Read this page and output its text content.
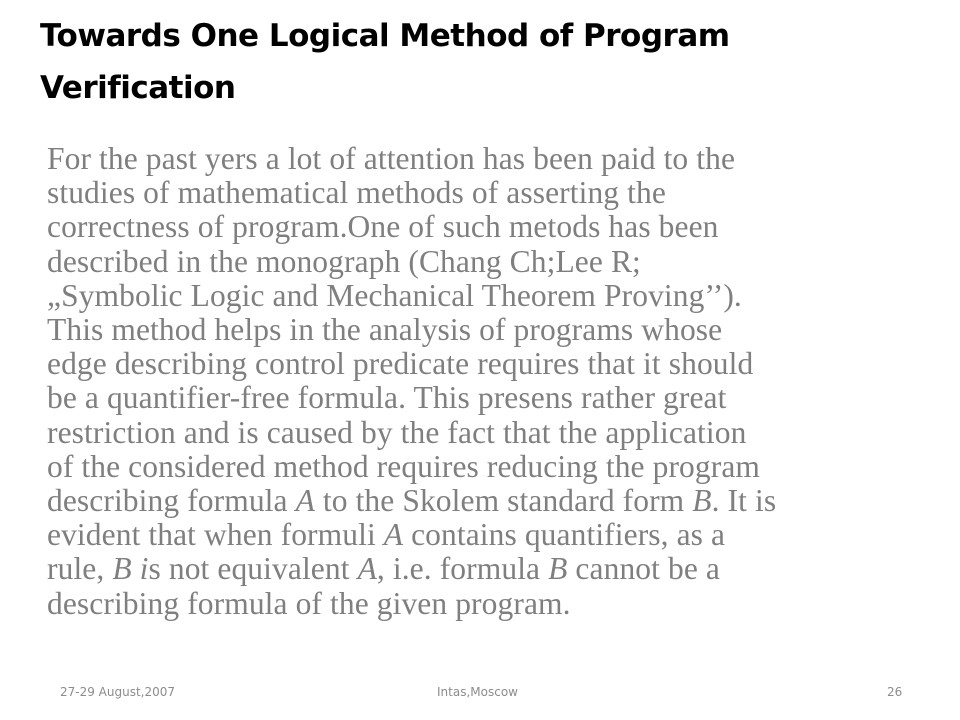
Towards One Logical Method of Program
Verification
For the past yers a lot of attention has been paid to the
studies of mathematical methods of asserting the
correctness of program.One of such metods has been
described in the monograph (Chang Ch;Lee R;
„Symbolic Logic and Mechanical Theorem Proving’’).
This method helps in the analysis of programs whose
edge describing control predicate requires that it should
be a quantifier-free formula. This presens rather great
restriction and is caused by the fact that the application
of the considered method requires reducing the program
describing formula A to the Skolem standard form B. It is
evident that when formuli A contains quantifiers, as a
rule, B is not equivalent A, i.e. formula B cannot be a
describing formula of the given program.
27-29 August,2007	Intas,Moscow	26
